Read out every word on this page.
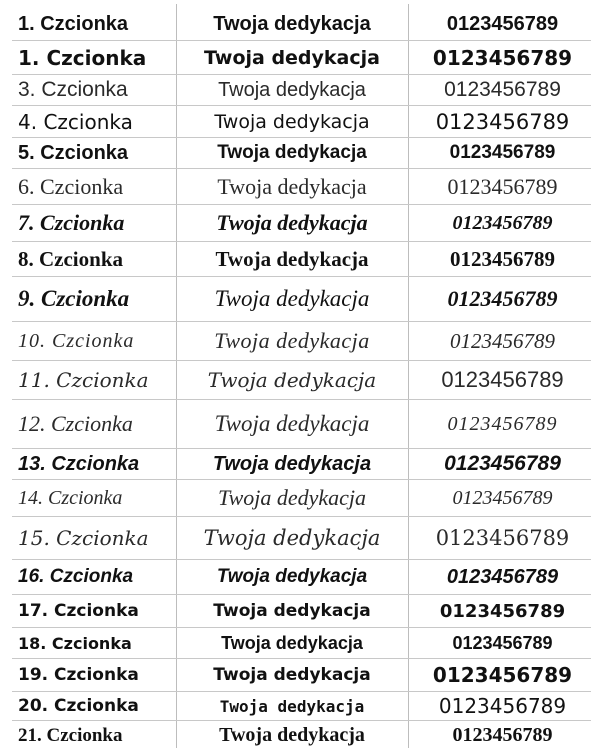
1. Czcionka	Twoja dedykacja	0123456789
1. Czcionka	Twoja dedykacja	0123456789
3. Czcionka	Twoja dedykacja	0123456789
4. Czcionka	Twoja dedykacja	0123456789
5. Czcionka	Twoja dedykacja	0123456789
6. Czcionka	Twoja dedykacja	0123456789
7. Czcionka	Twoja dedykacja	0123456789
8. Czcionka	Twoja dedykacja	0123456789
9. Czcionka	Twoja dedykacja	0123456789
10. Czcionka	Twoja dedykacja	0123456789
11. Czcionka	Twoja dedykacja	0123456789
12. Czcionka	Twoja dedykacja	0123456789
13. Czcionka	Twoja dedykacja	0123456789
14. Czcionka	Twoja dedykacja	0123456789
15. Czcionka	Twoja dedykacja	0123456789
16. Czcionka	Twoja dedykacja	0123456789
17. Czcionka	Twoja dedykacja	0123456789
18. Czcionka	Twoja dedykacja	0123456789
19. Czcionka	Twoja dedykacja	0123456789
20. Czcionka	Twoja dedykacja	0123456789
21. Czcionka	Twoja dedykacja	0123456789
